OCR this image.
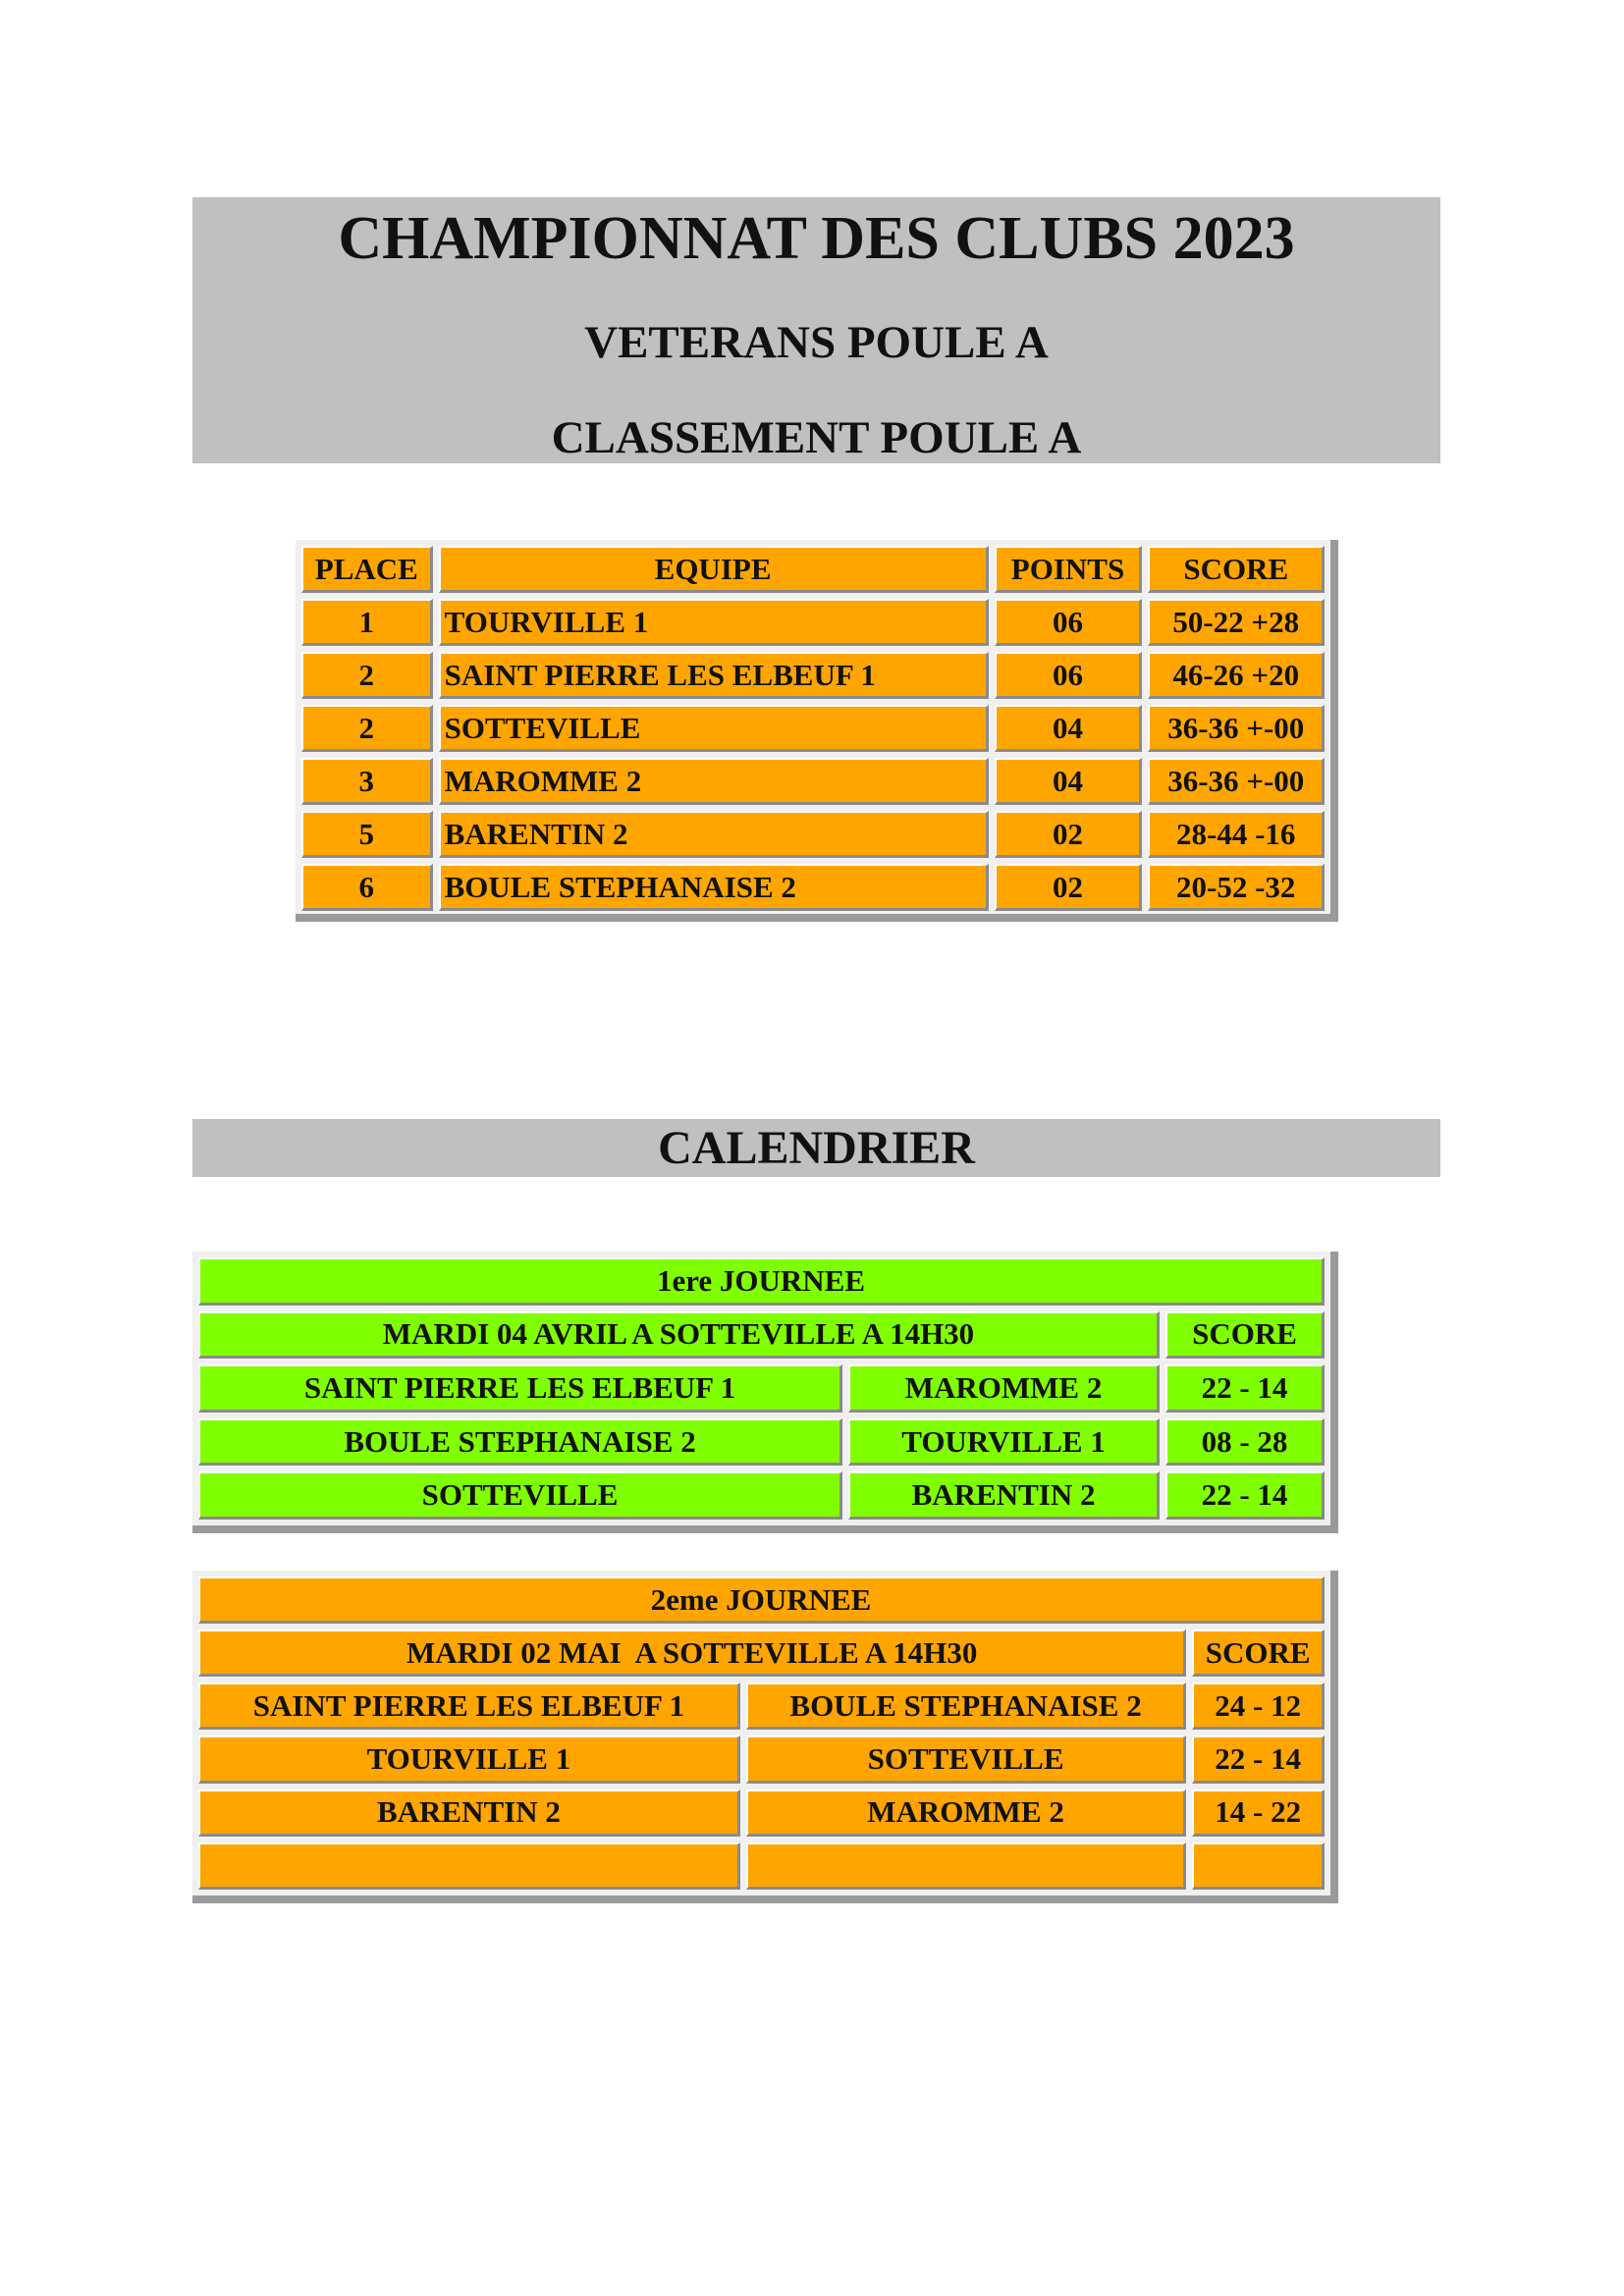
CHAMPIONNAT DES CLUBS 2023
VETERANS POULE A
CLASSEMENT POULE A
PLACE	EQUIPE	POINTS	SCORE
1	TOURVILLE 1	06	50-22 +28
2	SAINT PIERRE LES ELBEUF 1	06	46-26 +20
2	SOTTEVILLE	04	36-36 +-00
3	MAROMME 2	04	36-36 +-00
5	BARENTIN 2	02	28-44 -16
6	BOULE STEPHANAISE 2	02	20-52 -32
CALENDRIER
1ere JOURNEE		
MARDI 04 AVRIL A SOTTEVILLE A 14H30		SCORE
SAINT PIERRE LES ELBEUF 1	MAROMME 2	22 - 14
BOULE STEPHANAISE 2	TOURVILLE 1	08 - 28
SOTTEVILLE	BARENTIN 2	22 - 14
2eme JOURNEE		
MARDI 02 MAI  A SOTTEVILLE A 14H30		SCORE
SAINT PIERRE LES ELBEUF 1	BOULE STEPHANAISE 2	24 - 12
TOURVILLE 1	SOTTEVILLE	22 - 14
BARENTIN 2	MAROMME 2	14 - 22
